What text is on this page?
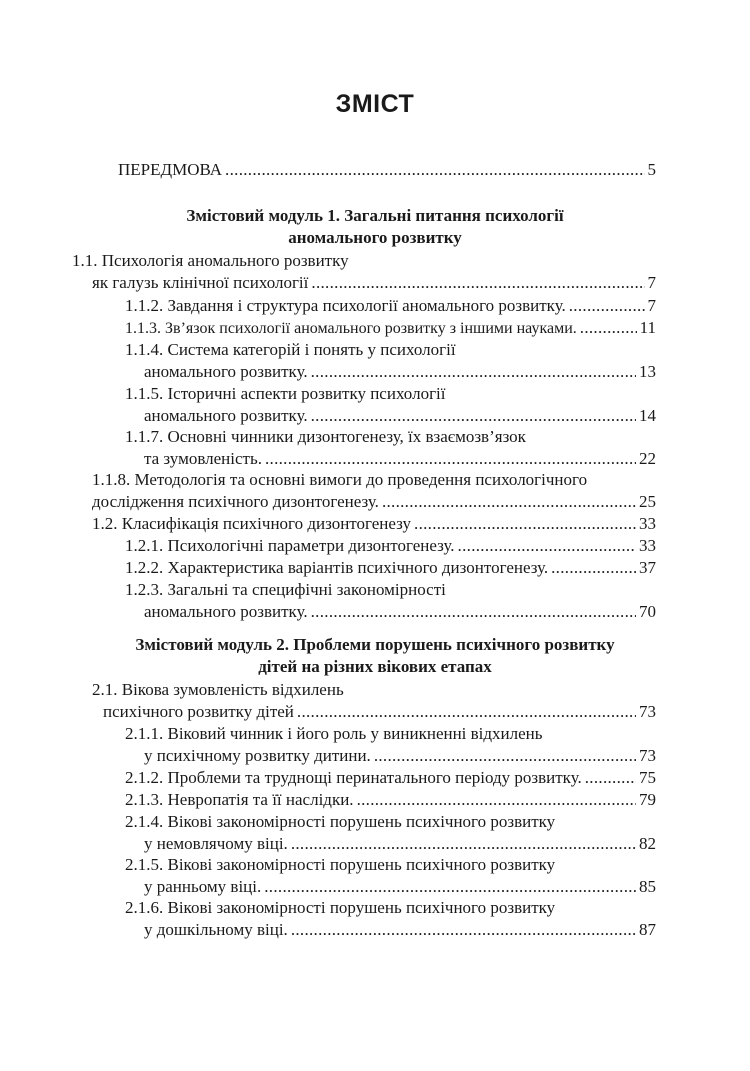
ЗМІСТ
ПЕРЕДМОВА .....	5
Змістовий модуль 1. Загальні питання психології
аномального розвитку
1.1. Психологія аномального розвитку
як галузь клінічної психології .....	7
1.1.2. Завдання і структура психології аномального розвитку. .....	7
1.1.3. Зв’язок психології аномального розвитку з іншими науками. .....	11
1.1.4. Система категорій і понять у психології
аномального розвитку. .....	13
1.1.5. Історичні аспекти розвитку психології
аномального розвитку. .....	14
1.1.7. Основні чинники дизонтогенезу, їх взаємозв’язок
та зумовленість. .....	22
1.1.8. Методологія та основні вимоги до проведення психологічного
дослідження психічного дизонтогенезу. .....	25
1.2. Класифікація психічного дизонтогенезу .....	33
1.2.1. Психологічні параметри дизонтогенезу. .....	33
1.2.2. Характеристика варіантів психічного дизонтогенезу. .....	37
1.2.3. Загальні та специфічні закономірності
аномального розвитку. .....	70
Змістовий модуль 2. Проблеми порушень психічного розвитку
дітей на різних вікових етапах
2.1. Вікова зумовленість відхилень
психічного розвитку дітей .....	73
2.1.1. Віковий чинник і його роль у виникненні відхилень
у психічному розвитку дитини. .....	73
2.1.2. Проблеми та труднощі перинатального періоду розвитку. .....	75
2.1.3. Невропатія та її наслідки. .....	79
2.1.4. Вікові закономірності порушень психічного розвитку
у немовлячому віці. .....	82
2.1.5. Вікові закономірності порушень психічного розвитку
у ранньому віці. .....	85
2.1.6. Вікові закономірності порушень психічного розвитку
у дошкільному віці. .....	87
